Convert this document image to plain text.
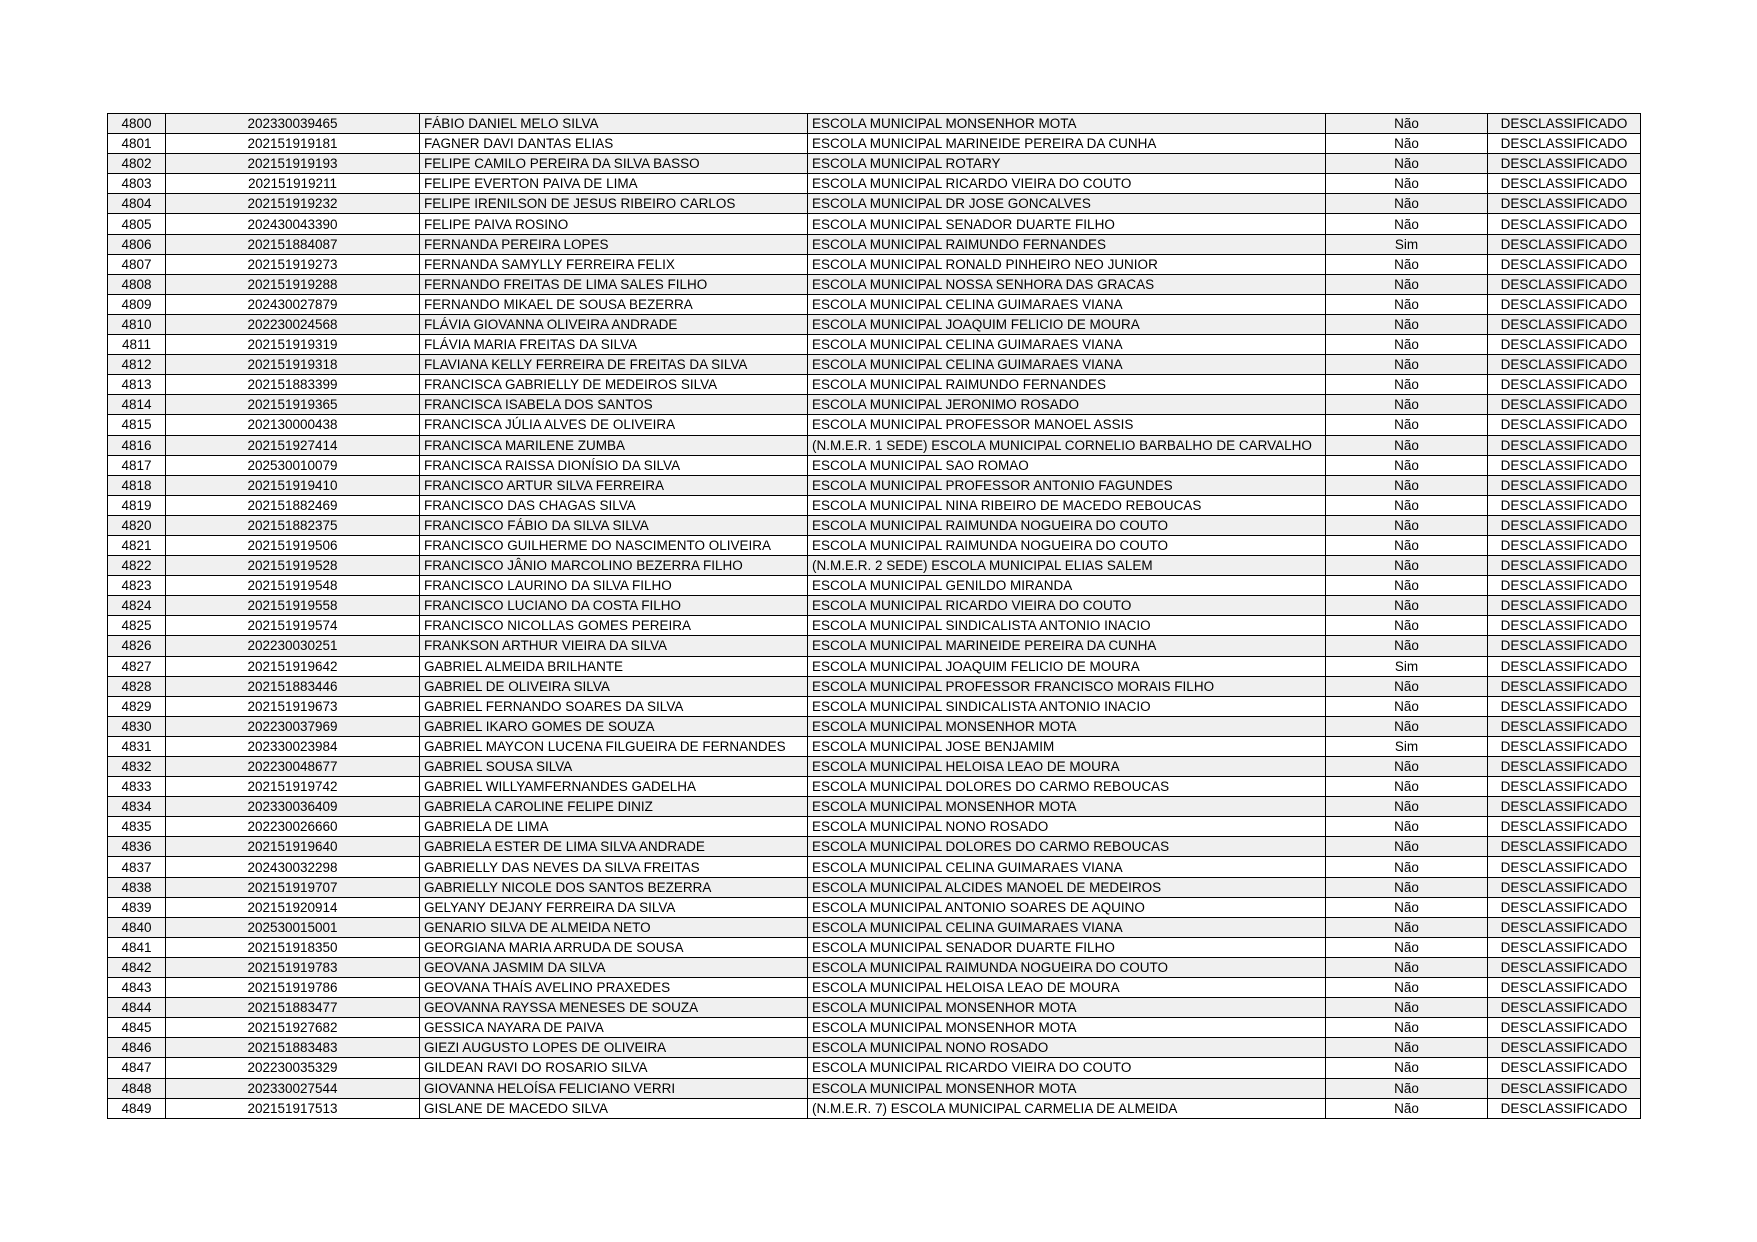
4800	202330039465	FÁBIO DANIEL MELO SILVA	ESCOLA MUNICIPAL MONSENHOR MOTA	Não	DESCLASSIFICADO
4801	202151919181	FAGNER DAVI DANTAS ELIAS	ESCOLA MUNICIPAL MARINEIDE PEREIRA DA CUNHA	Não	DESCLASSIFICADO
4802	202151919193	FELIPE CAMILO PEREIRA DA SILVA BASSO	ESCOLA MUNICIPAL ROTARY	Não	DESCLASSIFICADO
4803	202151919211	FELIPE EVERTON PAIVA DE LIMA	ESCOLA MUNICIPAL RICARDO VIEIRA DO COUTO	Não	DESCLASSIFICADO
4804	202151919232	FELIPE IRENILSON DE JESUS RIBEIRO CARLOS	ESCOLA MUNICIPAL DR JOSE GONCALVES	Não	DESCLASSIFICADO
4805	202430043390	FELIPE PAIVA ROSINO	ESCOLA MUNICIPAL SENADOR DUARTE FILHO	Não	DESCLASSIFICADO
4806	202151884087	FERNANDA PEREIRA LOPES	ESCOLA MUNICIPAL RAIMUNDO FERNANDES	Sim	DESCLASSIFICADO
4807	202151919273	FERNANDA SAMYLLY FERREIRA FELIX	ESCOLA MUNICIPAL RONALD PINHEIRO NEO JUNIOR	Não	DESCLASSIFICADO
4808	202151919288	FERNANDO FREITAS DE LIMA SALES FILHO	ESCOLA MUNICIPAL NOSSA SENHORA DAS GRACAS	Não	DESCLASSIFICADO
4809	202430027879	FERNANDO MIKAEL DE SOUSA BEZERRA	ESCOLA MUNICIPAL CELINA GUIMARAES VIANA	Não	DESCLASSIFICADO
4810	202230024568	FLÁVIA GIOVANNA OLIVEIRA ANDRADE	ESCOLA MUNICIPAL JOAQUIM FELICIO DE MOURA	Não	DESCLASSIFICADO
4811	202151919319	FLÁVIA MARIA FREITAS DA SILVA	ESCOLA MUNICIPAL CELINA GUIMARAES VIANA	Não	DESCLASSIFICADO
4812	202151919318	FLAVIANA KELLY FERREIRA DE FREITAS DA SILVA	ESCOLA MUNICIPAL CELINA GUIMARAES VIANA	Não	DESCLASSIFICADO
4813	202151883399	FRANCISCA GABRIELLY DE MEDEIROS SILVA	ESCOLA MUNICIPAL RAIMUNDO FERNANDES	Não	DESCLASSIFICADO
4814	202151919365	FRANCISCA ISABELA DOS SANTOS	ESCOLA MUNICIPAL JERONIMO ROSADO	Não	DESCLASSIFICADO
4815	202130000438	FRANCISCA JÚLIA ALVES DE OLIVEIRA	ESCOLA MUNICIPAL PROFESSOR MANOEL ASSIS	Não	DESCLASSIFICADO
4816	202151927414	FRANCISCA MARILENE ZUMBA	(N.M.E.R. 1 SEDE) ESCOLA MUNICIPAL CORNELIO BARBALHO DE CARVALHO	Não	DESCLASSIFICADO
4817	202530010079	FRANCISCA RAISSA DIONÍSIO DA SILVA	ESCOLA MUNICIPAL SAO ROMAO	Não	DESCLASSIFICADO
4818	202151919410	FRANCISCO ARTUR SILVA FERREIRA	ESCOLA MUNICIPAL PROFESSOR ANTONIO FAGUNDES	Não	DESCLASSIFICADO
4819	202151882469	FRANCISCO DAS CHAGAS SILVA	ESCOLA MUNICIPAL NINA RIBEIRO DE MACEDO REBOUCAS	Não	DESCLASSIFICADO
4820	202151882375	FRANCISCO FÁBIO DA SILVA SILVA	ESCOLA MUNICIPAL RAIMUNDA NOGUEIRA DO COUTO	Não	DESCLASSIFICADO
4821	202151919506	FRANCISCO GUILHERME DO NASCIMENTO OLIVEIRA	ESCOLA MUNICIPAL RAIMUNDA NOGUEIRA DO COUTO	Não	DESCLASSIFICADO
4822	202151919528	FRANCISCO JÂNIO MARCOLINO BEZERRA FILHO	(N.M.E.R. 2 SEDE) ESCOLA MUNICIPAL ELIAS SALEM	Não	DESCLASSIFICADO
4823	202151919548	FRANCISCO LAURINO DA SILVA FILHO	ESCOLA MUNICIPAL GENILDO MIRANDA	Não	DESCLASSIFICADO
4824	202151919558	FRANCISCO LUCIANO DA COSTA FILHO	ESCOLA MUNICIPAL RICARDO VIEIRA DO COUTO	Não	DESCLASSIFICADO
4825	202151919574	FRANCISCO NICOLLAS GOMES PEREIRA	ESCOLA MUNICIPAL SINDICALISTA ANTONIO INACIO	Não	DESCLASSIFICADO
4826	202230030251	FRANKSON ARTHUR VIEIRA DA SILVA	ESCOLA MUNICIPAL MARINEIDE PEREIRA DA CUNHA	Não	DESCLASSIFICADO
4827	202151919642	GABRIEL ALMEIDA BRILHANTE	ESCOLA MUNICIPAL JOAQUIM FELICIO DE MOURA	Sim	DESCLASSIFICADO
4828	202151883446	GABRIEL DE OLIVEIRA SILVA	ESCOLA MUNICIPAL PROFESSOR FRANCISCO MORAIS FILHO	Não	DESCLASSIFICADO
4829	202151919673	GABRIEL FERNANDO SOARES DA SILVA	ESCOLA MUNICIPAL SINDICALISTA ANTONIO INACIO	Não	DESCLASSIFICADO
4830	202230037969	GABRIEL IKARO GOMES DE SOUZA	ESCOLA MUNICIPAL MONSENHOR MOTA	Não	DESCLASSIFICADO
4831	202330023984	GABRIEL MAYCON LUCENA FILGUEIRA DE FERNANDES	ESCOLA MUNICIPAL JOSE BENJAMIM	Sim	DESCLASSIFICADO
4832	202230048677	GABRIEL SOUSA SILVA	ESCOLA MUNICIPAL HELOISA LEAO DE MOURA	Não	DESCLASSIFICADO
4833	202151919742	GABRIEL WILLYAMFERNANDES GADELHA	ESCOLA MUNICIPAL DOLORES DO CARMO REBOUCAS	Não	DESCLASSIFICADO
4834	202330036409	GABRIELA CAROLINE FELIPE DINIZ	ESCOLA MUNICIPAL MONSENHOR MOTA	Não	DESCLASSIFICADO
4835	202230026660	GABRIELA DE LIMA	ESCOLA MUNICIPAL NONO ROSADO	Não	DESCLASSIFICADO
4836	202151919640	GABRIELA ESTER DE LIMA SILVA ANDRADE	ESCOLA MUNICIPAL DOLORES DO CARMO REBOUCAS	Não	DESCLASSIFICADO
4837	202430032298	GABRIELLY DAS NEVES DA SILVA FREITAS	ESCOLA MUNICIPAL CELINA GUIMARAES VIANA	Não	DESCLASSIFICADO
4838	202151919707	GABRIELLY NICOLE DOS SANTOS BEZERRA	ESCOLA MUNICIPAL ALCIDES MANOEL DE MEDEIROS	Não	DESCLASSIFICADO
4839	202151920914	GELYANY DEJANY FERREIRA DA SILVA	ESCOLA MUNICIPAL ANTONIO SOARES DE AQUINO	Não	DESCLASSIFICADO
4840	202530015001	GENARIO SILVA DE ALMEIDA NETO	ESCOLA MUNICIPAL CELINA GUIMARAES VIANA	Não	DESCLASSIFICADO
4841	202151918350	GEORGIANA MARIA ARRUDA DE SOUSA	ESCOLA MUNICIPAL SENADOR DUARTE FILHO	Não	DESCLASSIFICADO
4842	202151919783	GEOVANA JASMIM DA SILVA	ESCOLA MUNICIPAL RAIMUNDA NOGUEIRA DO COUTO	Não	DESCLASSIFICADO
4843	202151919786	GEOVANA THAÍS AVELINO PRAXEDES	ESCOLA MUNICIPAL HELOISA LEAO DE MOURA	Não	DESCLASSIFICADO
4844	202151883477	GEOVANNA RAYSSA MENESES DE SOUZA	ESCOLA MUNICIPAL MONSENHOR MOTA	Não	DESCLASSIFICADO
4845	202151927682	GESSICA NAYARA DE PAIVA	ESCOLA MUNICIPAL MONSENHOR MOTA	Não	DESCLASSIFICADO
4846	202151883483	GIEZI AUGUSTO LOPES DE OLIVEIRA	ESCOLA MUNICIPAL NONO ROSADO	Não	DESCLASSIFICADO
4847	202230035329	GILDEAN RAVI DO ROSARIO SILVA	ESCOLA MUNICIPAL RICARDO VIEIRA DO COUTO	Não	DESCLASSIFICADO
4848	202330027544	GIOVANNA HELOÍSA FELICIANO VERRI	ESCOLA MUNICIPAL MONSENHOR MOTA	Não	DESCLASSIFICADO
4849	202151917513	GISLANE DE MACEDO SILVA	(N.M.E.R. 7) ESCOLA MUNICIPAL CARMELIA DE ALMEIDA	Não	DESCLASSIFICADO
